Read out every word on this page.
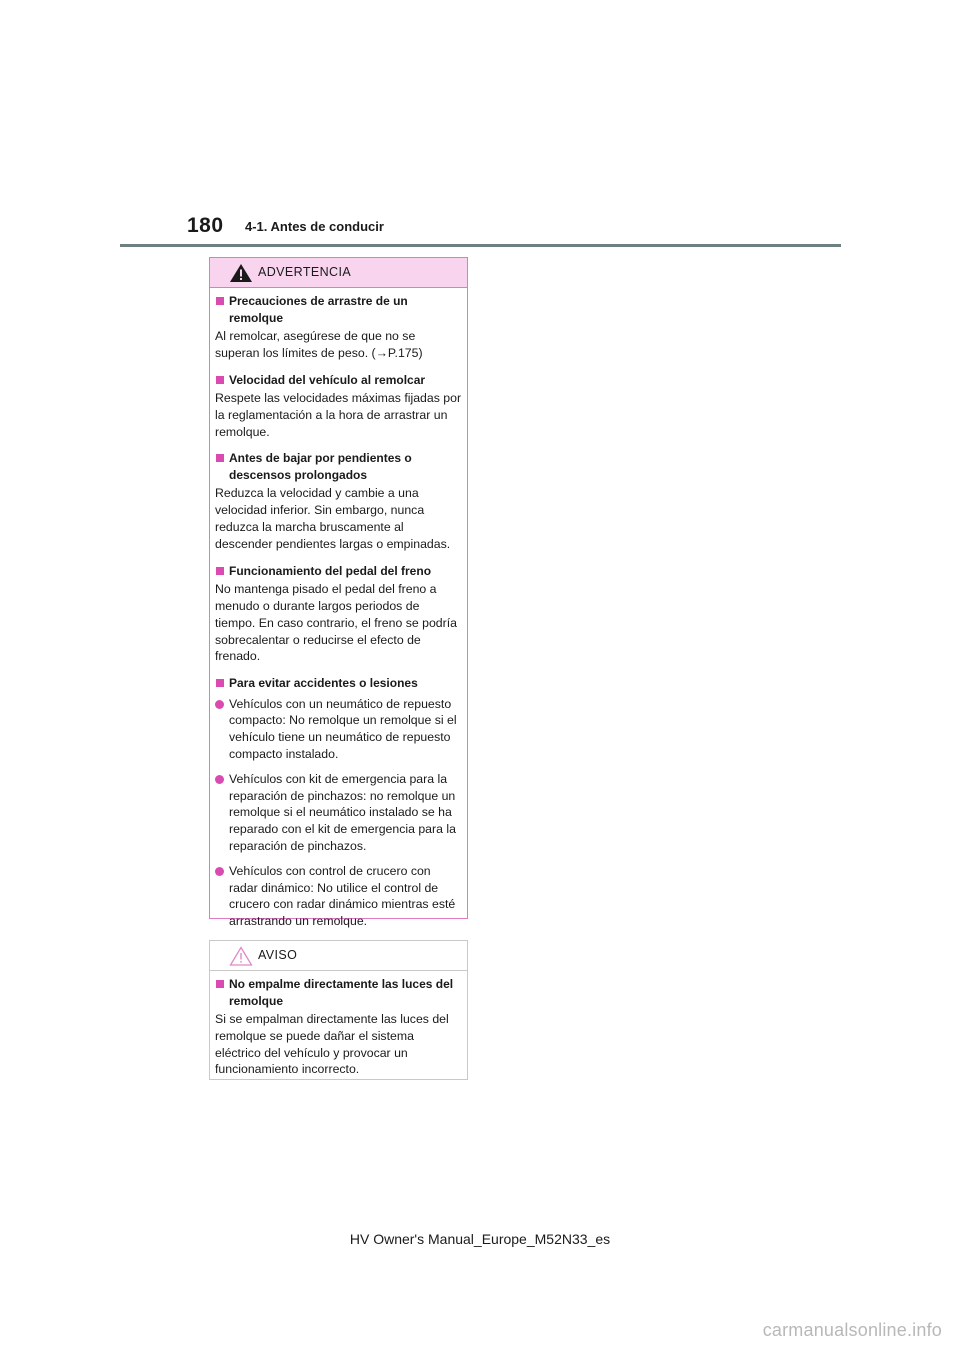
180 4-1. Antes de conducir
ADVERTENCIA
Precauciones de arrastre de un remolque
Al remolcar, asegúrese de que no se superan los límites de peso. (→P.175)
Velocidad del vehículo al remolcar
Respete las velocidades máximas fijadas por la reglamentación a la hora de arrastrar un remolque.
Antes de bajar por pendientes o descensos prolongados
Reduzca la velocidad y cambie a una velocidad inferior. Sin embargo, nunca reduzca la marcha bruscamente al descender pendientes largas o empinadas.
Funcionamiento del pedal del freno
No mantenga pisado el pedal del freno a menudo o durante largos periodos de tiempo. En caso contrario, el freno se podría sobrecalentar o reducirse el efecto de frenado.
Para evitar accidentes o lesiones
Vehículos con un neumático de repuesto compacto: No remolque un remolque si el vehículo tiene un neumático de repuesto compacto instalado.
Vehículos con kit de emergencia para la reparación de pinchazos: no remolque un remolque si el neumático instalado se ha reparado con el kit de emergencia para la reparación de pinchazos.
Vehículos con control de crucero con radar dinámico: No utilice el control de crucero con radar dinámico mientras esté arrastrando un remolque.
AVISO
No empalme directamente las luces del remolque
Si se empalman directamente las luces del remolque se puede dañar el sistema eléctrico del vehículo y provocar un funcionamiento incorrecto.
HV Owner's Manual_Europe_M52N33_es
carmanualsonline.info
